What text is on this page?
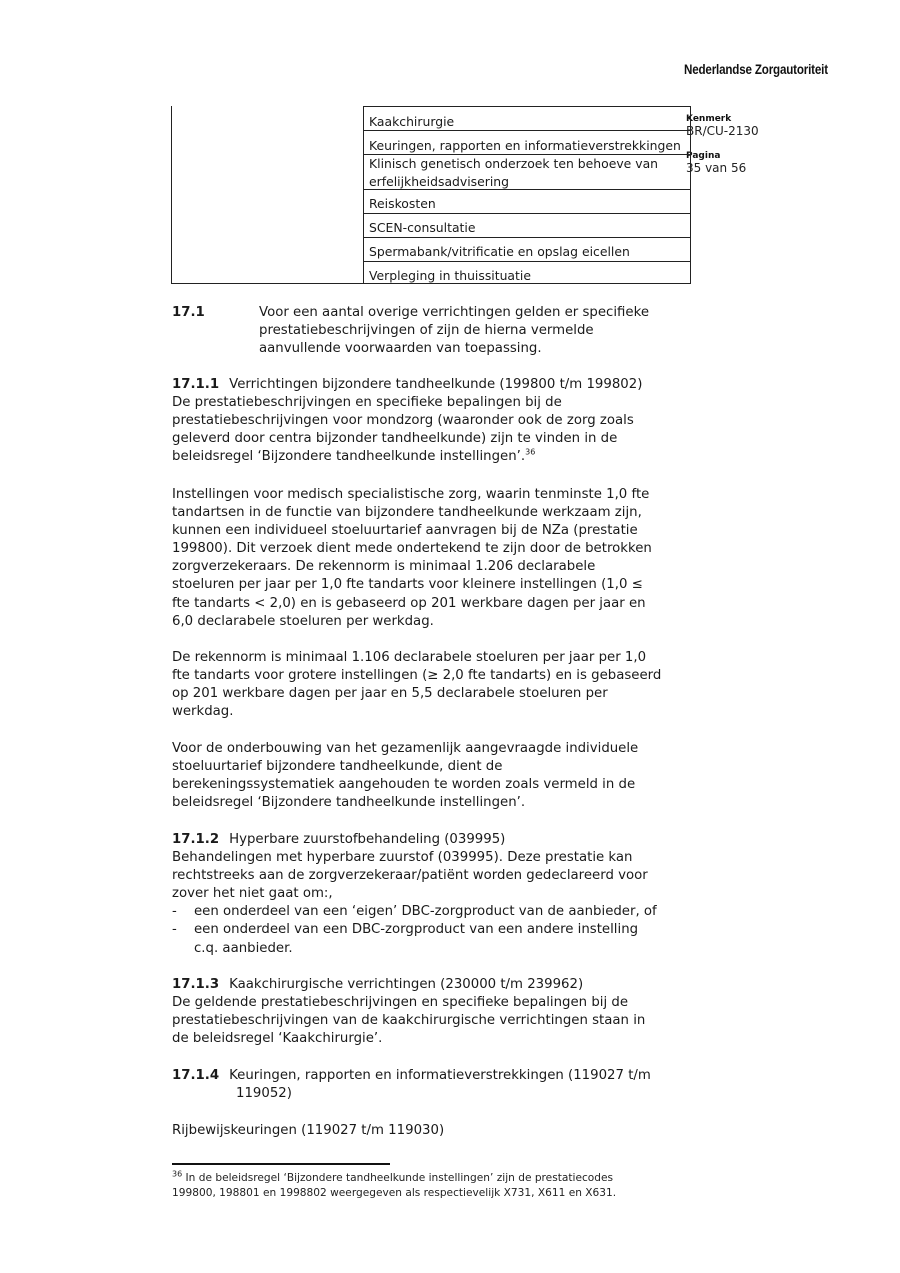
Nederlandse Zorgautoriteit
Kenmerk
BR/CU-2130
Pagina
35 van 56
Kaakchirurgie
Keuringen, rapporten en informatieverstrekkingen
Klinisch genetisch onderzoek ten behoeve van
erfelijkheidsadvisering
Reiskosten
SCEN-consultatie
Spermabank/vitrificatie en opslag eicellen
Verpleging in thuissituatie
17.1	Voor een aantal overige verrichtingen gelden er specifieke
prestatiebeschrijvingen of zijn de hierna vermelde
aanvullende voorwaarden van toepassing.
17.1.1 Verrichtingen bijzondere tandheelkunde (199800 t/m 199802)
De prestatiebeschrijvingen en specifieke bepalingen bij de
prestatiebeschrijvingen voor mondzorg (waaronder ook de zorg zoals
geleverd door centra bijzonder tandheelkunde) zijn te vinden in de
beleidsregel ‘Bijzondere tandheelkunde instellingen’.$^{36}$
Instellingen voor medisch specialistische zorg, waarin tenminste 1,0 fte
tandartsen in de functie van bijzondere tandheelkunde werkzaam zijn,
kunnen een individueel stoeluurtarief aanvragen bij de NZa (prestatie
199800). Dit verzoek dient mede ondertekend te zijn door de betrokken
zorgverzekeraars. De rekennorm is minimaal 1.206 declarabele
stoeluren per jaar per 1,0 fte tandarts voor kleinere instellingen (1,0 ≤
fte tandarts < 2,0) en is gebaseerd op 201 werkbare dagen per jaar en
6,0 declarabele stoeluren per werkdag.
De rekennorm is minimaal 1.106 declarabele stoeluren per jaar per 1,0
fte tandarts voor grotere instellingen (≥ 2,0 fte tandarts) en is gebaseerd
op 201 werkbare dagen per jaar en 5,5 declarabele stoeluren per
werkdag.
Voor de onderbouwing van het gezamenlijk aangevraagde individuele
stoeluurtarief bijzondere tandheelkunde, dient de
berekeningssystematiek aangehouden te worden zoals vermeld in de
beleidsregel ‘Bijzondere tandheelkunde instellingen’.
17.1.2 Hyperbare zuurstofbehandeling (039995)
Behandelingen met hyperbare zuurstof (039995). Deze prestatie kan
rechtstreeks aan de zorgverzekeraar/patiënt worden gedeclareerd voor
zover het niet gaat om:,
- een onderdeel van een ‘eigen’ DBC-zorgproduct van de aanbieder, of
- een onderdeel van een DBC-zorgproduct van een andere instelling
c.q. aanbieder.
17.1.3 Kaakchirurgische verrichtingen (230000 t/m 239962)
De geldende prestatiebeschrijvingen en specifieke bepalingen bij de
prestatiebeschrijvingen van de kaakchirurgische verrichtingen staan in
de beleidsregel ‘Kaakchirurgie’.
17.1.4 Keuringen, rapporten en informatieverstrekkingen (119027 t/m
119052)
Rijbewijskeuringen (119027 t/m 119030)
$^{36}$ In de beleidsregel ‘Bijzondere tandheelkunde instellingen’ zijn de prestatiecodes
199800, 198801 en 1998802 weergegeven als respectievelijk X731, X611 en X631.
